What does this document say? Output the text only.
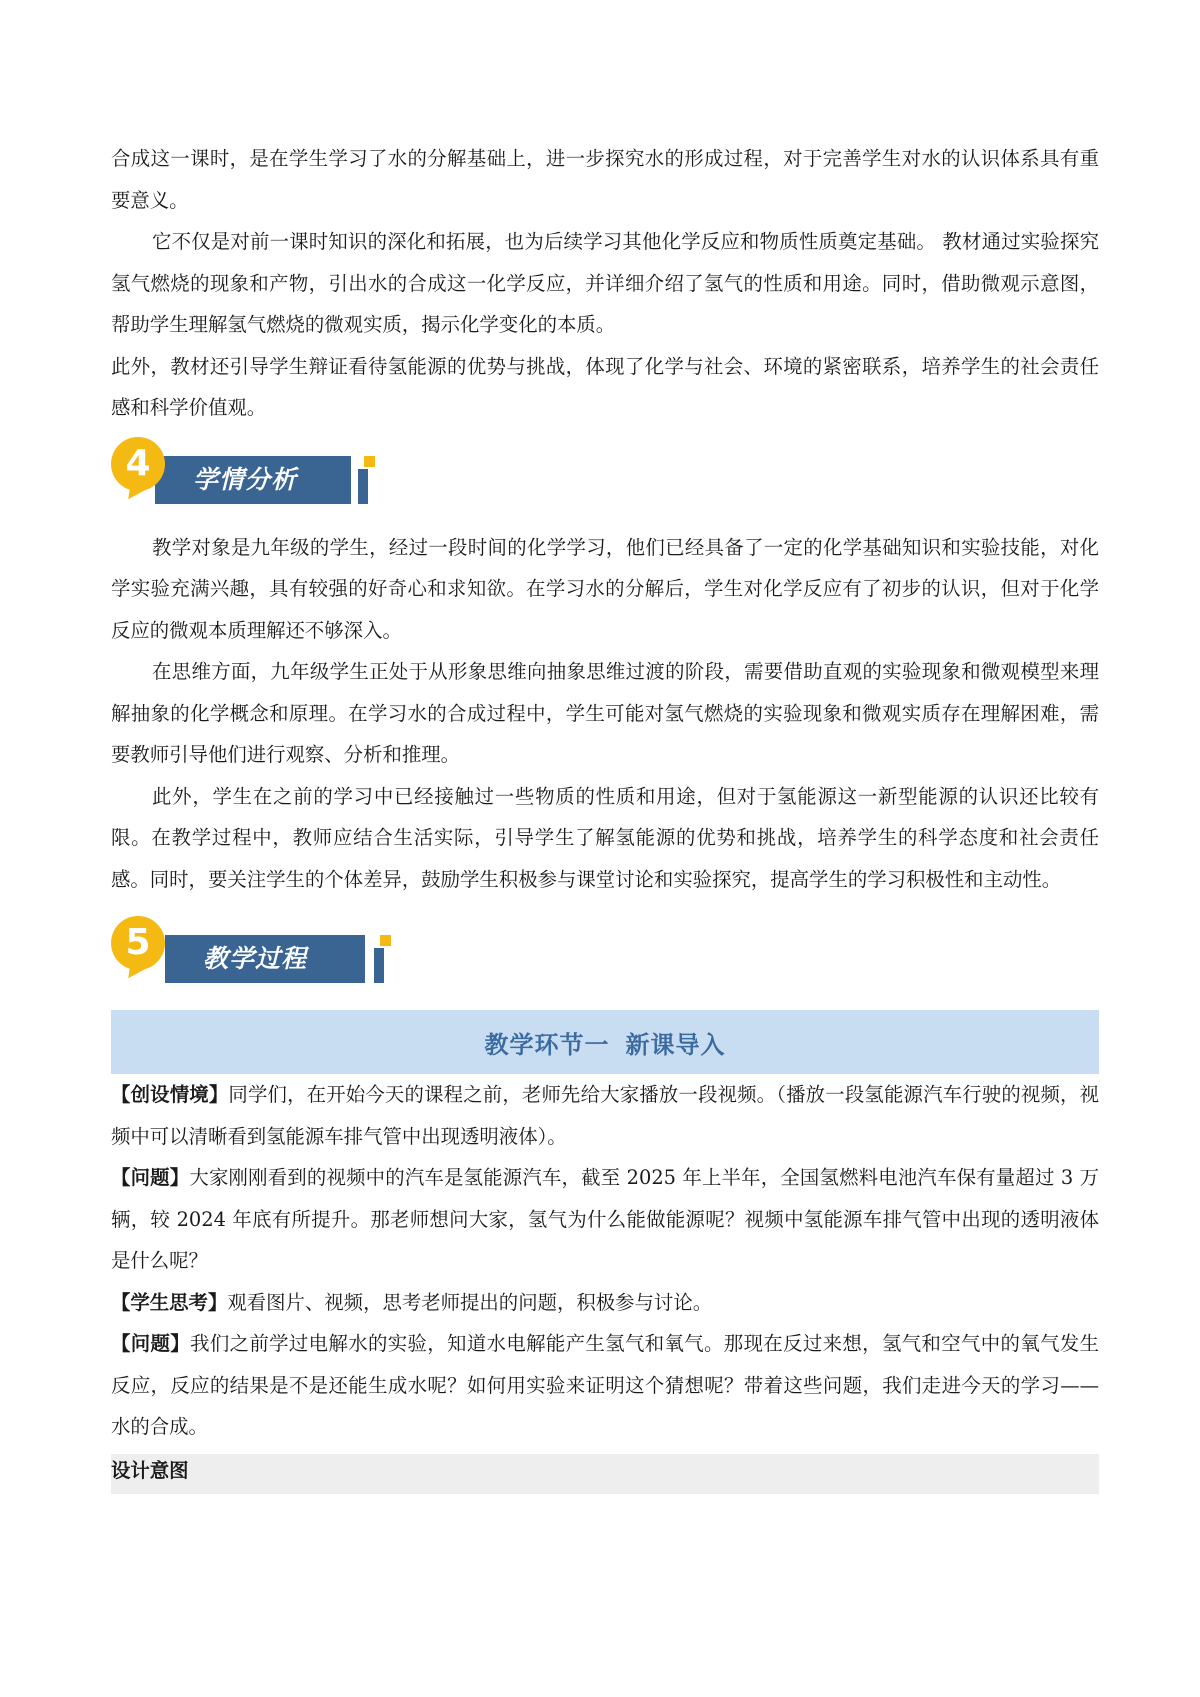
合成这一课时，是在学生学习了水的分解基础上，进一步探究水的形成过程，对于完善学生对水的认识体系具有重要意义。

它不仅是对前一课时知识的深化和拓展，也为后续学习其他化学反应和物质性质奠定基础。 教材通过实验探究氢气燃烧的现象和产物，引出水的合成这一化学反应，并详细介绍了氢气的性质和用途。同时，借助微观示意图，帮助学生理解氢气燃烧的微观实质，揭示化学变化的本质。

此外，教材还引导学生辩证看待氢能源的优势与挑战，体现了化学与社会、环境的紧密联系，培养学生的社会责任感和科学价值观。

4	学情分析

教学对象是九年级的学生，经过一段时间的化学学习，他们已经具备了一定的化学基础知识和实验技能，对化学实验充满兴趣，具有较强的好奇心和求知欲。在学习水的分解后，学生对化学反应有了初步的认识，但对于化学反应的微观本质理解还不够深入。

在思维方面，九年级学生正处于从形象思维向抽象思维过渡的阶段，需要借助直观的实验现象和微观模型来理解抽象的化学概念和原理。在学习水的合成过程中，学生可能对氢气燃烧的实验现象和微观实质存在理解困难，需要教师引导他们进行观察、分析和推理。

此外，学生在之前的学习中已经接触过一些物质的性质和用途，但对于氢能源这一新型能源的认识还比较有限。在教学过程中，教师应结合生活实际，引导学生了解氢能源的优势和挑战，培养学生的科学态度和社会责任感。同时，要关注学生的个体差异，鼓励学生积极参与课堂讨论和实验探究，提高学生的学习积极性和主动性。

5	教学过程
教学环节一 新课导入

【创设情境】同学们，在开始今天的课程之前，老师先给大家播放一段视频。（播放一段氢能源汽车行驶的视频，视频中可以清晰看到氢能源车排气管中出现透明液体）。

【问题】大家刚刚看到的视频中的汽车是氢能源汽车，截至 2025 年上半年，全国氢燃料电池汽车保有量超过 3 万辆，较 2024 年底有所提升。那老师想问大家，氢气为什么能做能源呢？视频中氢能源车排气管中出现的透明液体是什么呢？

【学生思考】观看图片、视频，思考老师提出的问题，积极参与讨论。

【问题】我们之前学过电解水的实验，知道水电解能产生氢气和氧气。那现在反过来想，氢气和空气中的氧气发生反应，反应的结果是不是还能生成水呢？如何用实验来证明这个猜想呢？带着这些问题，我们走进今天的学习——水的合成。

设计意图
